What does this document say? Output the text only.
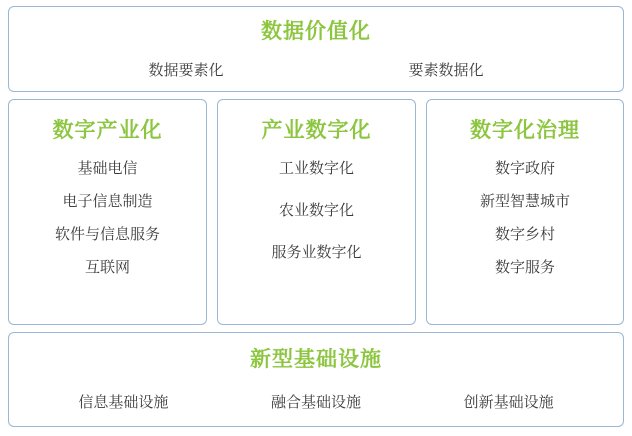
数据价值化
数据要素化	要素数据化
数字产业化
基础电信
电子信息制造
软件与信息服务
互联网
产业数字化
工业数字化
农业数字化
服务业数字化
数字化治理
数字政府
新型智慧城市
数字乡村
数字服务
新型基础设施
信息基础设施	融合基础设施	创新基础设施
